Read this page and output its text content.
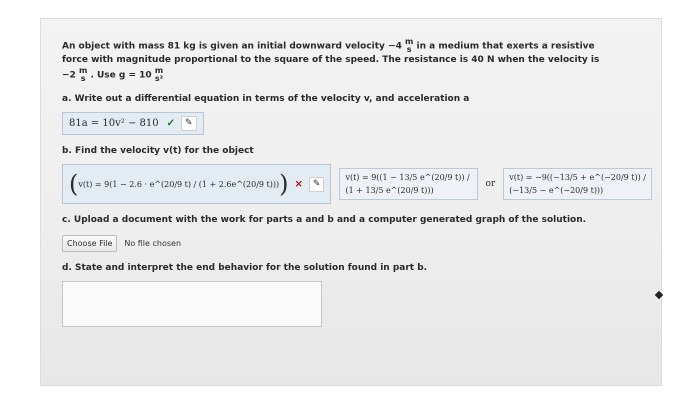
An object with mass 81 kg is given an initial downward velocity −4 m
s in a medium that exerts a resistive
force with magnitude proportional to the square of the speed. The resistance is 40 N when the velocity is
−2 m
s . Use g = 10 m
s²
a. Write out a differential equation in terms of the velocity v, and acceleration a
81a = 10v² − 810 ✓	✎
b. Find the velocity v(t) for the object
( v(t) = 9(1 − 2.6 · e^(20/9 t) / (1 + 2.6e^(20/9 t))) ) ×	✎
v(t) = 9((1 − 13/5 e^(20/9 t)) / (1 + 13/5 e^(20/9 t)))
or
v(t) = −9((−13/5 + e^(−20/9 t)) / (−13/5 − e^(−20/9 t)))
c. Upload a document with the work for parts a and b and a computer generated graph of the solution.
Choose File No file chosen
d. State and interpret the end behavior for the solution found in part b.
